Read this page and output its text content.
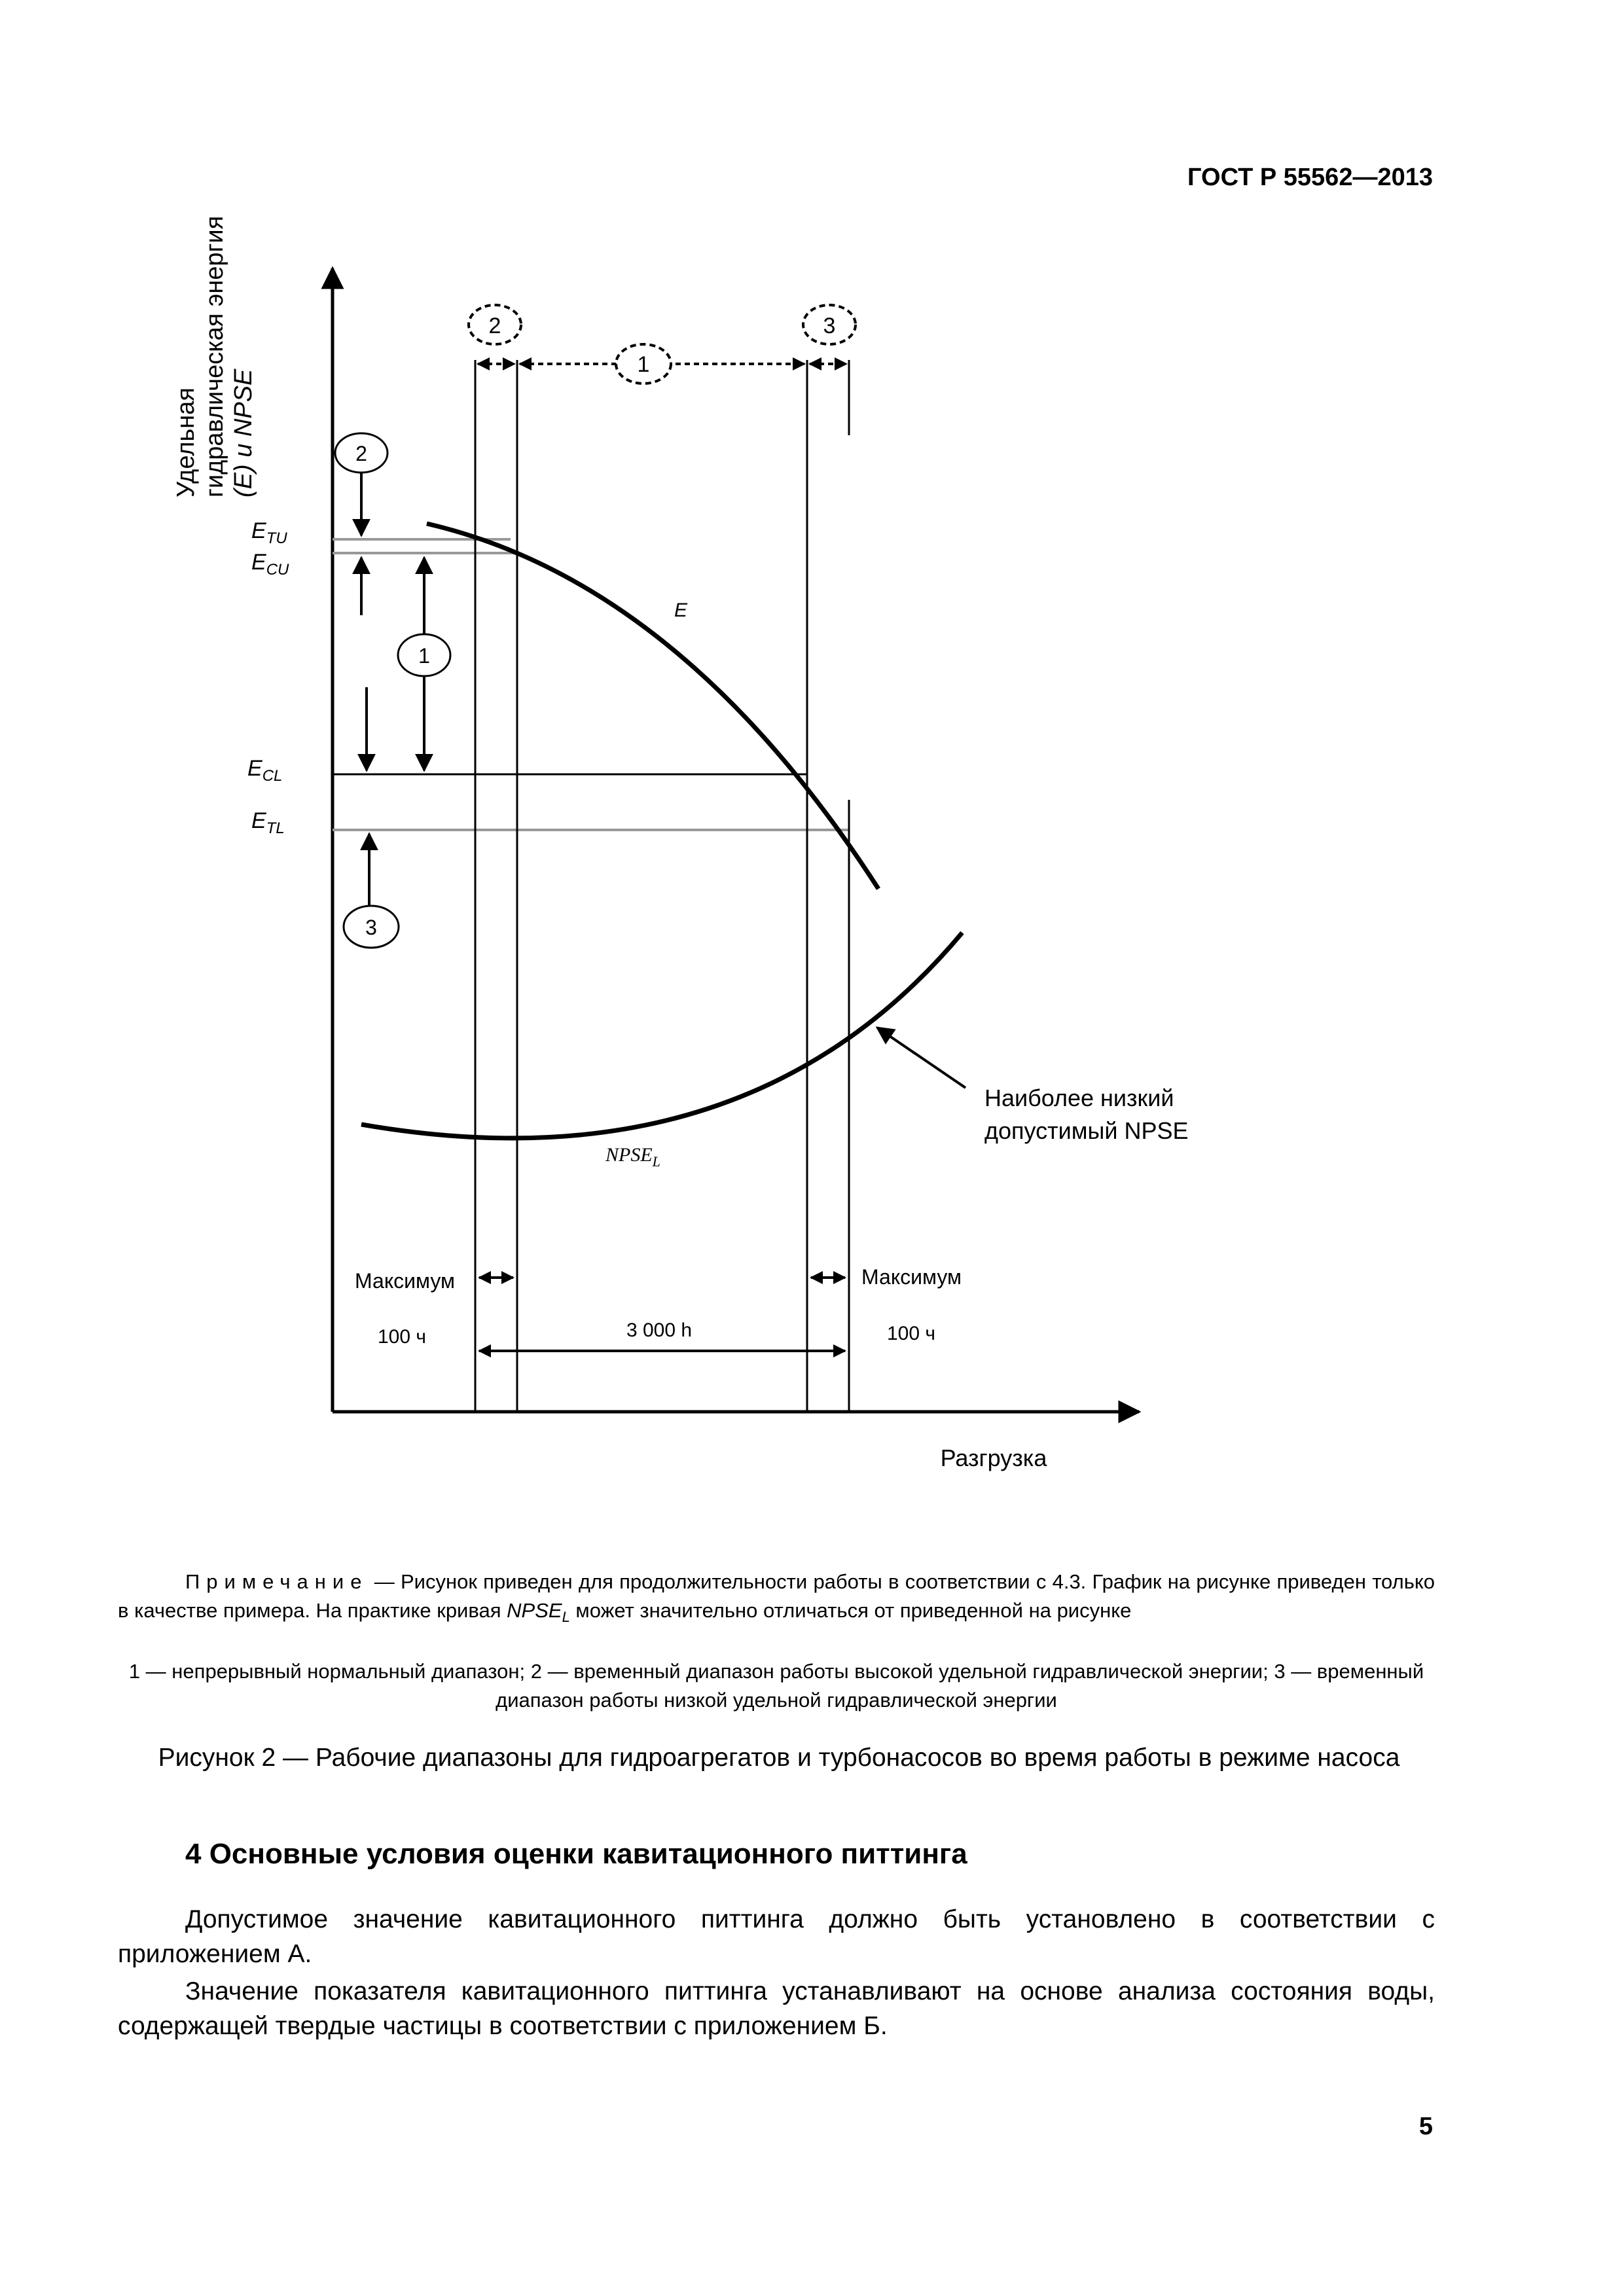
ГОСТ Р 55562—2013
Удельная гидравлическая энергия (E) и NPSE
$E_{TU}$
$E_{CU}$
$E_{CL}$
$E_{TL}$
2
1
3
2
1
3
E
$NPSE_L$
Наиболее низкий
допустимый NPSE
Максимум
100 ч
Максимум
100 ч
3 000 h
Разгрузка
Примечание — Рисунок приведен для продолжительности работы в соответствии с 4.3. График на рисунке приведен только в качестве примера. На практике кривая $NPSE_L$ может значительно отличаться от приведенной на рисунке
1 — непрерывный нормальный диапазон; 2 — временный диапазон работы высокой удельной гидравлической энергии; 3 — временный диапазон работы низкой удельной гидравлической энергии
Рисунок 2 — Рабочие диапазоны для гидроагрегатов и турбонасосов во время работы в режиме насоса
4 Основные условия оценки кавитационного питтинга
Допустимое значение кавитационного питтинга должно быть установлено в соответствии с приложением А.
Значение показателя кавитационного питтинга устанавливают на основе анализа состояния воды, содержащей твердые частицы в соответствии с приложением Б.
5
